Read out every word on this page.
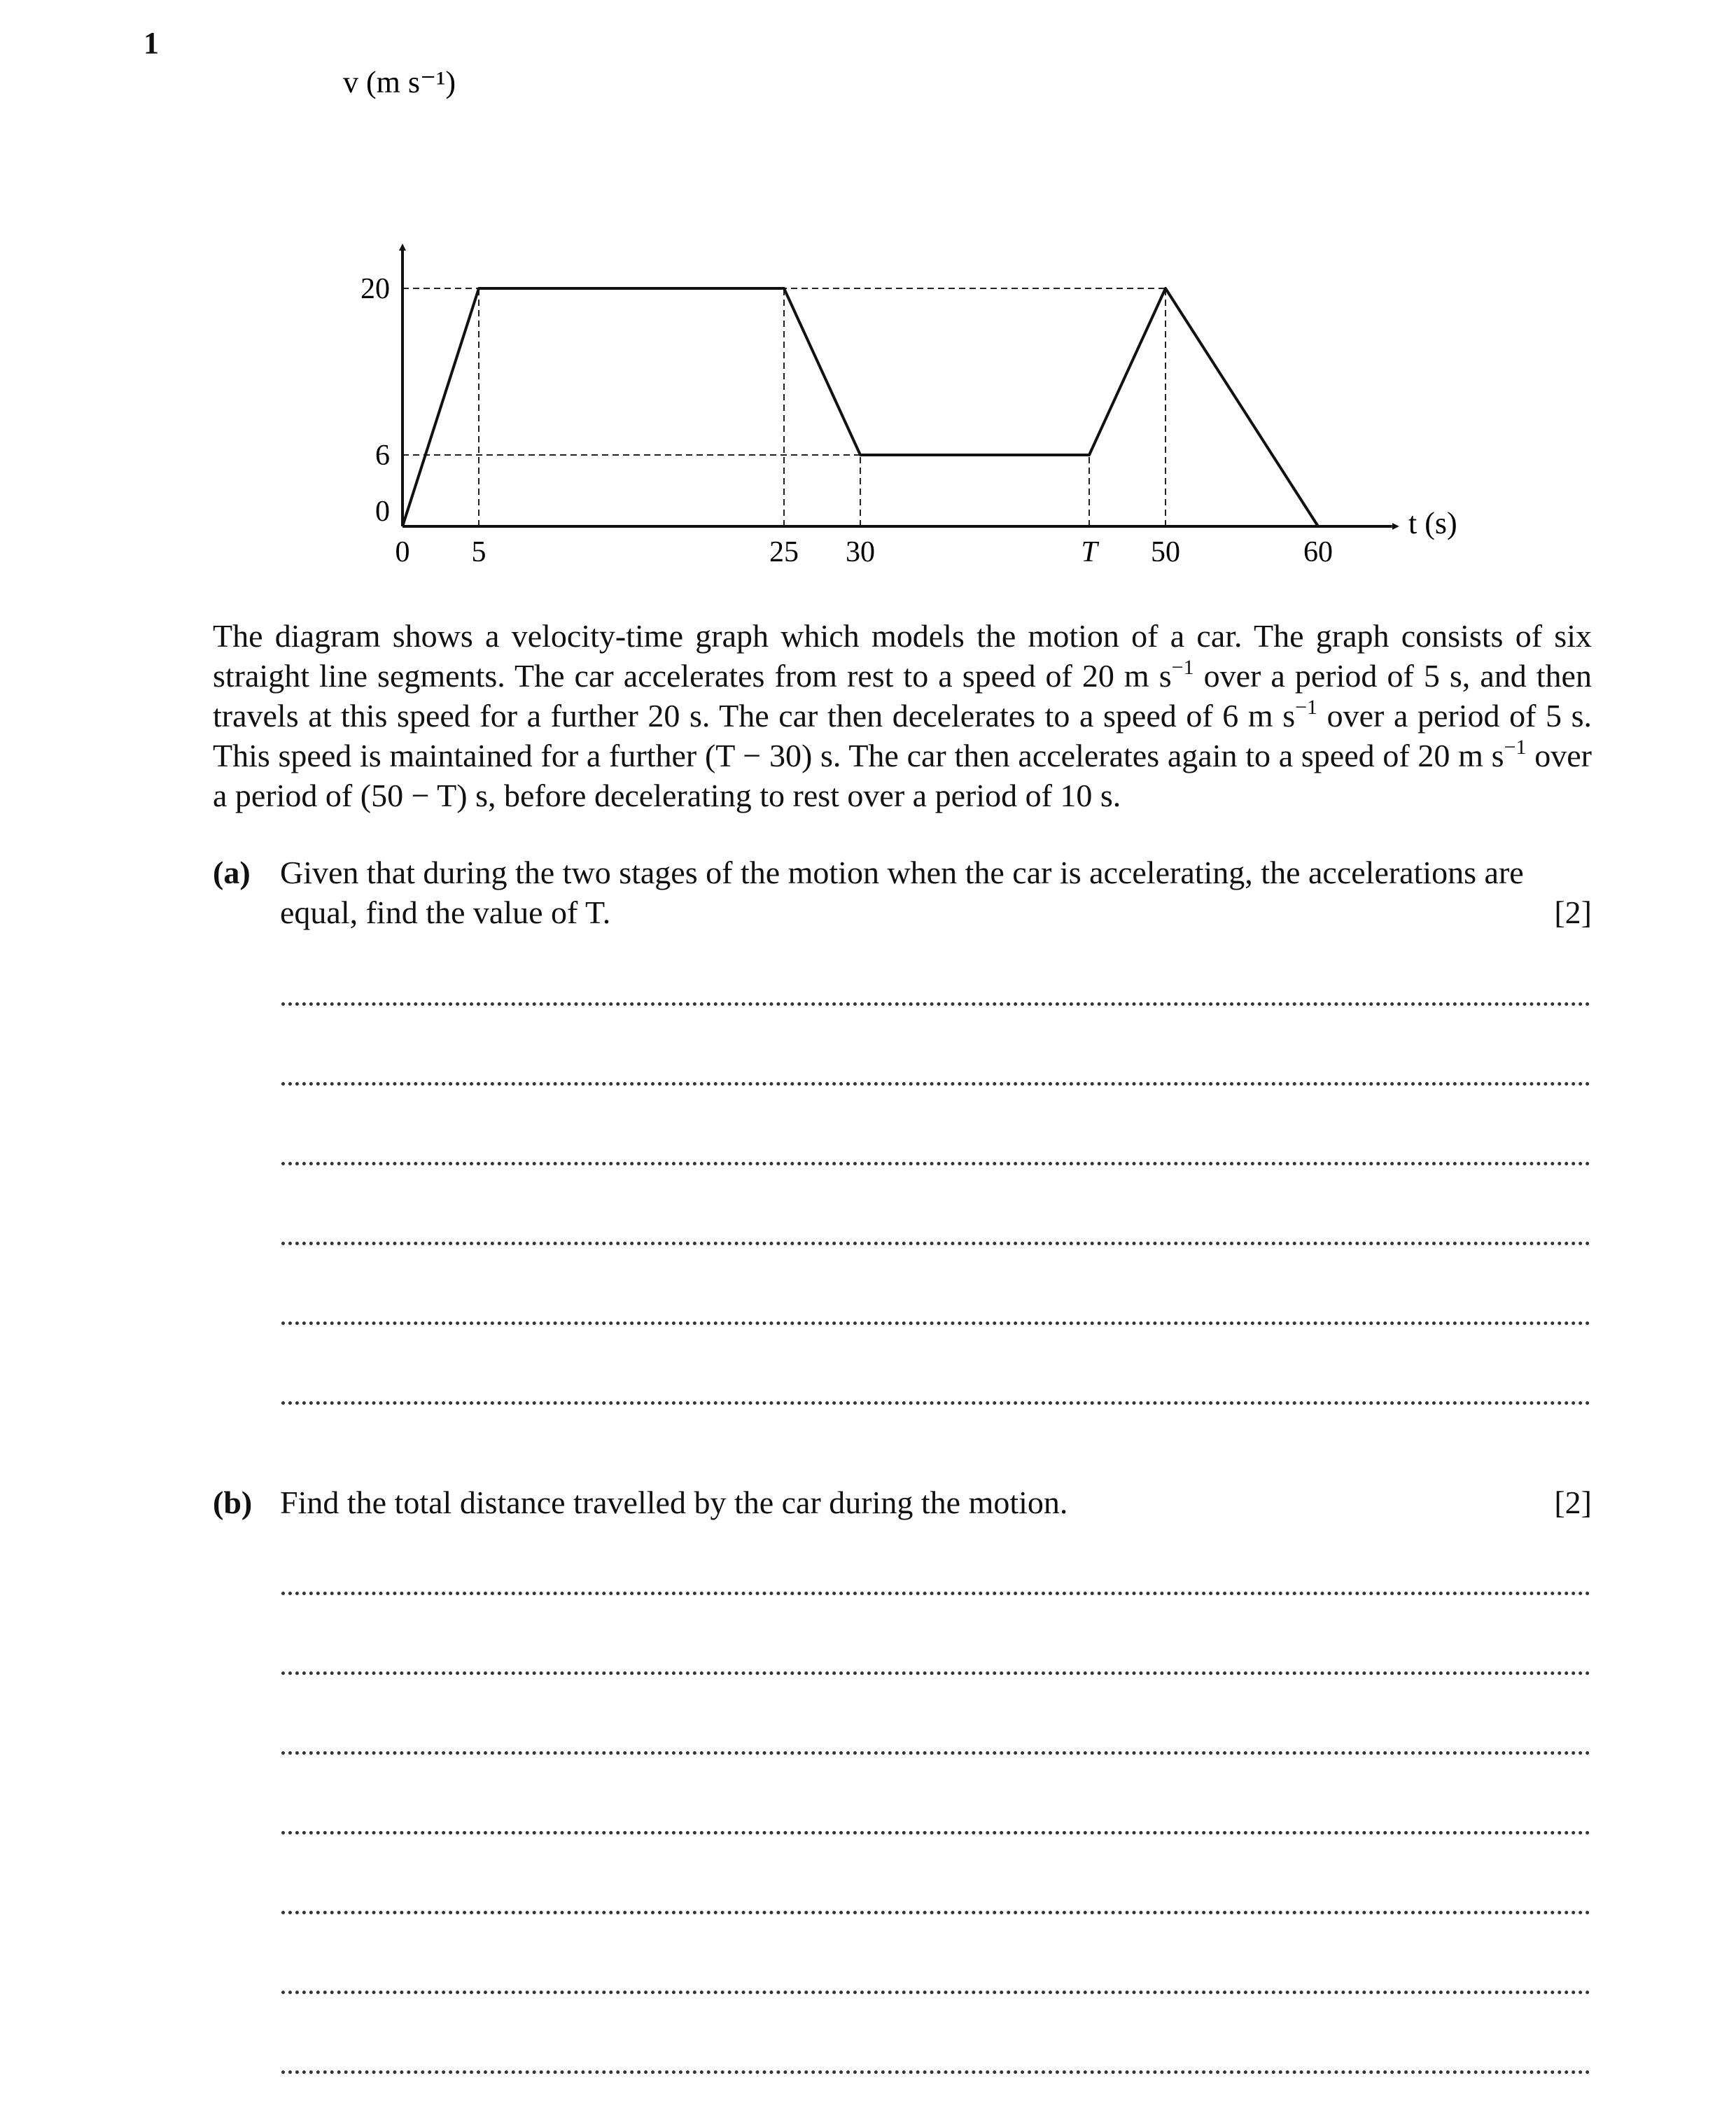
1
0 5	25 30	T 50	60
0
6
20
v (m s⁻¹)
t (s)
The diagram shows a velocity-time graph which models the motion of a car. The graph consists of six straight line segments. The car accelerates from rest to a speed of 20 m $s^{-1}$ over a period of 5 s, and then travels at this speed for a further 20 s. The car then decelerates to a speed of 6 m $s^{-1}$ over a period of 5 s. This speed is maintained for a further (T − 30) s. The car then accelerates again to a speed of 20 m $s^{-1}$ over a period of (50 − T) s, before decelerating to rest over a period of 10 s.
(a) Given that during the two stages of the motion when the car is accelerating, the accelerations are equal, find the value of T.	[2]
(b) Find the total distance travelled by the car during the motion.	[2]
